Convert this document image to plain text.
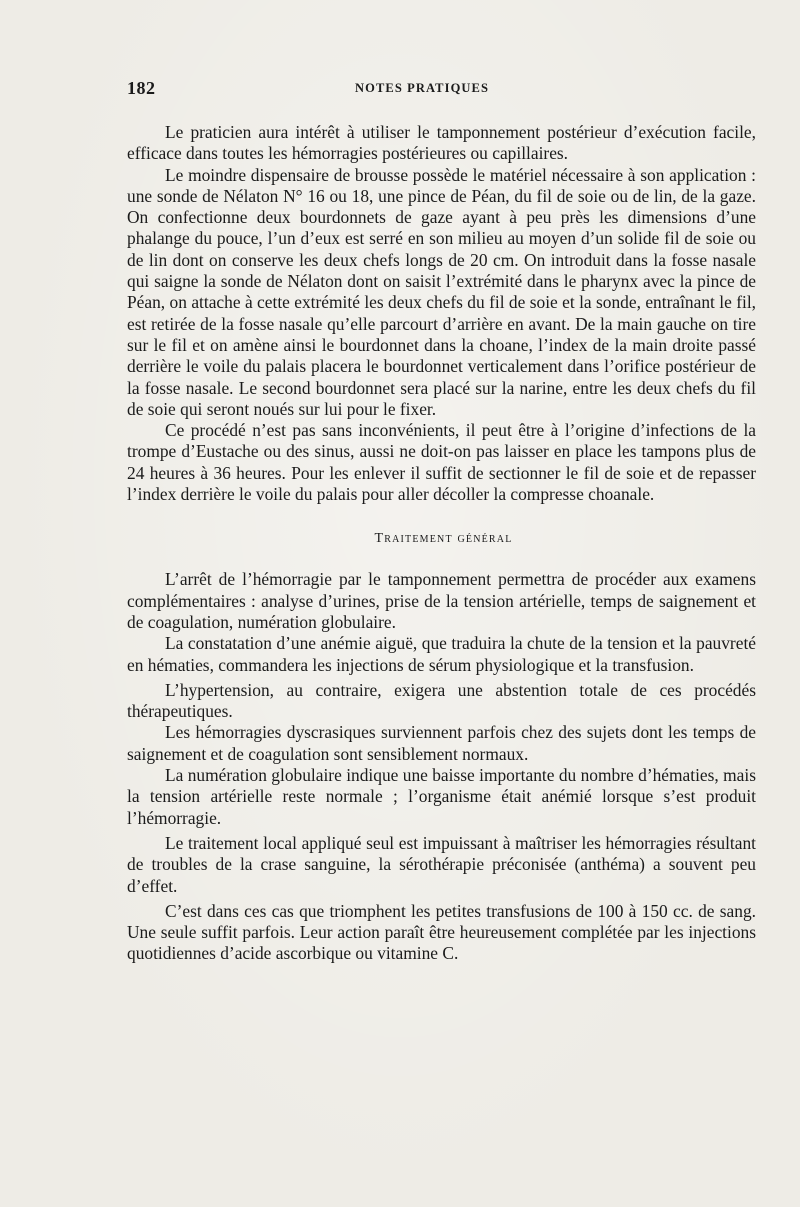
182	NOTES PRATIQUES

Le praticien aura intérêt à utiliser le tamponnement postérieur d’exécution facile, efficace dans toutes les hémorragies postérieures ou capillaires.

Le moindre dispensaire de brousse possède le matériel nécessaire à son application : une sonde de Nélaton N° 16 ou 18, une pince de Péan, du fil de soie ou de lin, de la gaze. On confectionne deux bourdonnets de gaze ayant à peu près les dimensions d’une phalange du pouce, l’un d’eux est serré en son milieu au moyen d’un solide fil de soie ou de lin dont on conserve les deux chefs longs de 20 cm. On introduit dans la fosse nasale qui saigne la sonde de Nélaton dont on saisit l’extrémité dans le pharynx avec la pince de Péan, on attache à cette extrémité les deux chefs du fil de soie et la sonde, entraînant le fil, est retirée de la fosse nasale qu’elle parcourt d’arrière en avant. De la main gauche on tire sur le fil et on amène ainsi le bourdonnet dans la choane, l’index de la main droite passé derrière le voile du palais placera le bourdonnet verticalement dans l’orifice postérieur de la fosse nasale. Le second bourdonnet sera placé sur la narine, entre les deux chefs du fil de soie qui seront noués sur lui pour le fixer.

Ce procédé n’est pas sans inconvénients, il peut être à l’origine d’infections de la trompe d’Eustache ou des sinus, aussi ne doit-on pas laisser en place les tampons plus de 24 heures à 36 heures. Pour les enlever il suffit de sectionner le fil de soie et de repasser l’index derrière le voile du palais pour aller décoller la compresse choanale.

Traitement général

L’arrêt de l’hémorragie par le tamponnement permettra de procéder aux examens complémentaires : analyse d’urines, prise de la tension artérielle, temps de saignement et de coagulation, numération globulaire.

La constatation d’une anémie aiguë, que traduira la chute de la tension et la pauvreté en hématies, commandera les injections de sérum physiologique et la transfusion.

L’hypertension, au contraire, exigera une abstention totale de ces procédés thérapeutiques.

Les hémorragies dyscrasiques surviennent parfois chez des sujets dont les temps de saignement et de coagulation sont sensiblement normaux.

La numération globulaire indique une baisse importante du nombre d’hématies, mais la tension artérielle reste normale ; l’organisme était anémié lorsque s’est produit l’hémorragie.

Le traitement local appliqué seul est impuissant à maîtriser les hémorragies résultant de troubles de la crase sanguine, la sérothérapie préconisée (anthéma) a souvent peu d’effet.

C’est dans ces cas que triomphent les petites transfusions de 100 à 150 cc. de sang. Une seule suffit parfois. Leur action paraît être heureusement complétée par les injections quotidiennes d’acide ascorbique ou vitamine C.
